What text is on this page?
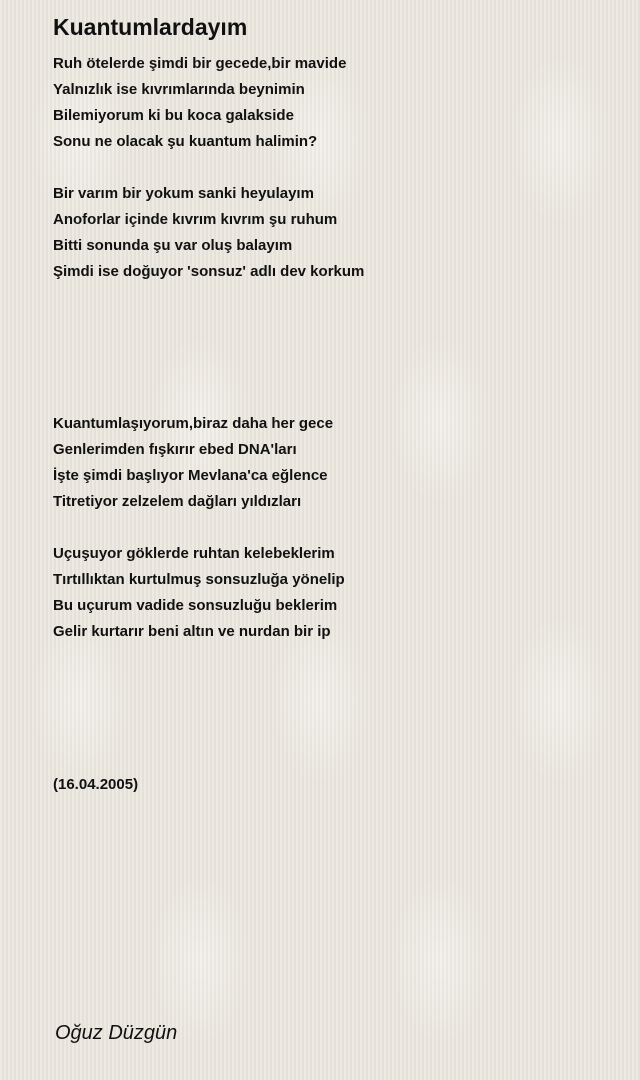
Kuantumlardayım

Ruh ötelerde şimdi bir gecede,bir mavide

Yalnızlık ise kıvrımlarında beynimin

Bilemiyorum ki bu koca galakside

Sonu ne olacak şu kuantum halimin?

Bir varım bir yokum sanki heyulayım

Anoforlar içinde kıvrım kıvrım şu ruhum

Bitti sonunda şu var oluş balayım

Şimdi ise doğuyor 'sonsuz' adlı dev korkum

Kuantumlaşıyorum,biraz daha her gece

Genlerimden fışkırır ebed DNA'ları

İşte şimdi başlıyor Mevlana'ca eğlence

Titretiyor zelzelem dağları yıldızları

Uçuşuyor göklerde ruhtan kelebeklerim

Tırtıllıktan kurtulmuş sonsuzluğa yönelip

Bu uçurum vadide sonsuzluğu beklerim

Gelir kurtarır beni altın ve nurdan bir ip

(16.04.2005)

Oğuz Düzgün
